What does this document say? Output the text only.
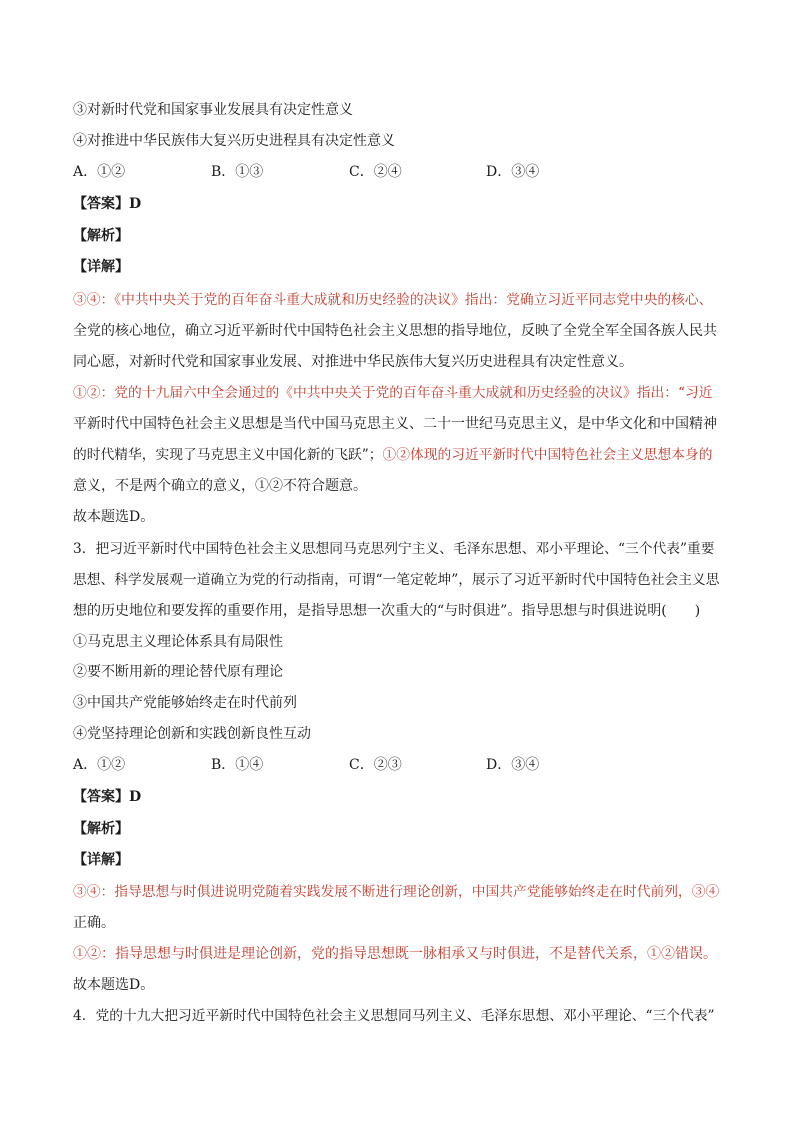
③对新时代党和国家事业发展具有决定性意义
④对推进中华民族伟大复兴历史进程具有决定性意义
A．①②	B．①③	C．②④	D．③④
【答案】D
【解析】
【详解】
③④：《中共中央关于党的百年奋斗重大成就和历史经验的决议》指出：党确立习近平同志党中央的核心、
全党的核心地位，确立习近平新时代中国特色社会主义思想的指导地位，反映了全党全军全国各族人民共
同心愿，对新时代党和国家事业发展、对推进中华民族伟大复兴历史进程具有决定性意义。
①②：党的十九届六中全会通过的《中共中央关于党的百年奋斗重大成就和历史经验的决议》指出：“习近
平新时代中国特色社会主义思想是当代中国马克思主义、二十一世纪马克思主义，是中华文化和中国精神
的时代精华，实现了马克思主义中国化新的飞跃”；①②体现的习近平新时代中国特色社会主义思想本身的
意义，不是两个确立的意义，①②不符合题意。
故本题选D。
3．把习近平新时代中国特色社会主义思想同马克思列宁主义、毛泽东思想、邓小平理论、“三个代表”重要
思想、科学发展观一道确立为党的行动指南，可谓“一笔定乾坤”，展示了习近平新时代中国特色社会主义思
想的历史地位和要发挥的重要作用，是指导思想一次重大的“与时俱进”。指导思想与时俱进说明(　　)
①马克思主义理论体系具有局限性
②要不断用新的理论替代原有理论
③中国共产党能够始终走在时代前列
④党坚持理论创新和实践创新良性互动
A．①②	B．①④	C．②③	D．③④
【答案】D
【解析】
【详解】
③④：指导思想与时俱进说明党随着实践发展不断进行理论创新，中国共产党能够始终走在时代前列，③④
正确。
①②：指导思想与时俱进是理论创新，党的指导思想既一脉相承又与时俱进，不是替代关系，①②错误。
故本题选D。
4．党的十九大把习近平新时代中国特色社会主义思想同马列主义、毛泽东思想、邓小平理论、“三个代表”
